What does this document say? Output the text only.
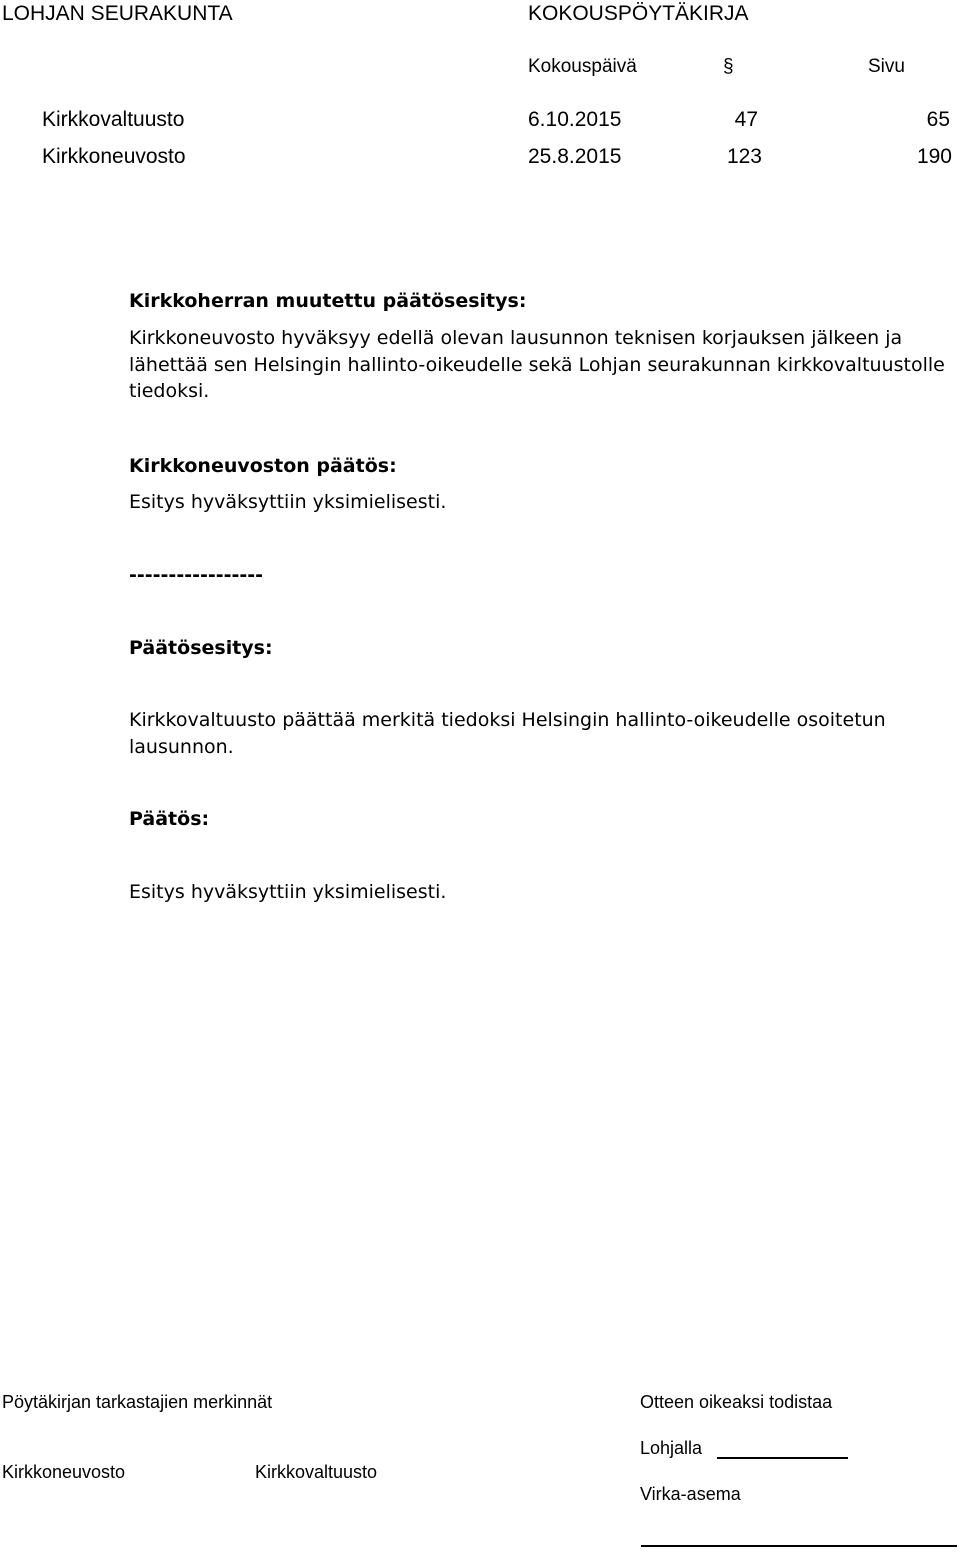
LOHJAN SEURAKUNTA	KOKOUSPÖYTÄKIRJA
Kokouspäivä	§	Sivu
Kirkkovaltuusto	6.10.2015	47	65
Kirkkoneuvosto	25.8.2015	123	190
Kirkkoherran muutettu päätösesitys:
Kirkkoneuvosto hyväksyy edellä olevan lausunnon teknisen korjauksen jälkeen ja lähettää sen Helsingin hallinto-oikeudelle sekä Lohjan seurakunnan kirkkovaltuustolle tiedoksi.
Kirkkoneuvoston päätös:
Esitys hyväksyttiin yksimielisesti.
-----------------
Päätösesitys:
Kirkkovaltuusto päättää merkitä tiedoksi Helsingin hallinto-oikeudelle osoitetun lausunnon.
Päätös:
Esitys hyväksyttiin yksimielisesti.
Pöytäkirjan tarkastajien merkinnät
Kirkkoneuvosto	Kirkkovaltuusto
Otteen oikeaksi todistaa
Lohjalla
Virka-asema
